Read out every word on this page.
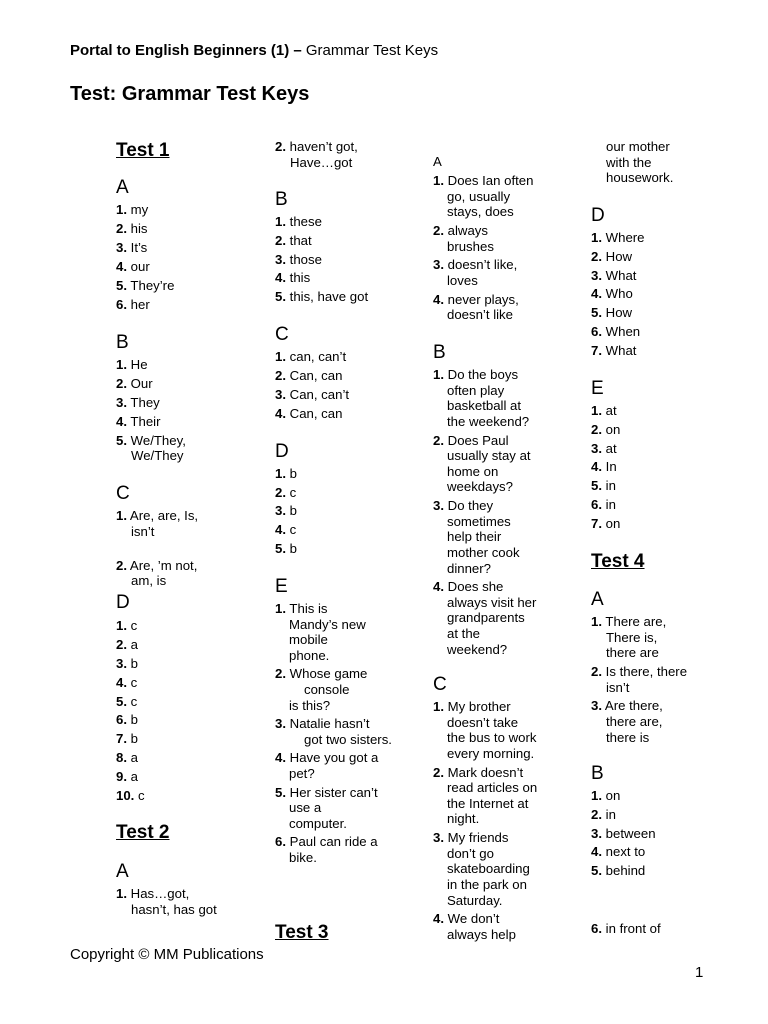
Portal to English Beginners (1) – Grammar Test Keys
Test: Grammar Test Keys
Test 1
A
1. my
2. his
3. It’s
4. our
5. They’re
6. her
B
1. He
2. Our
3. They
4. Their
5. We/They,
We/They
C
1. Are, are, Is,
isn’t
2. Are, ’m not,
am, is
D
1. c
2. a
3. b
4. c
5. c
6. b
7. b
8. a
9. a
10. c
Test 2
A
1. Has…got,
hasn’t, has got
2. haven’t got,
Have…got
B
1. these
2. that
3. those
4. this
5. this, have got
C
1. can, can’t
2. Can, can
3. Can, can’t
4. Can, can
D
1. b
2. c
3. b
4. c
5. b
E
1. This is
Mandy’s new
mobile
phone.
2. Whose game
console
is this?
3. Natalie hasn’t
got two sisters.
4. Have you got a
pet?
5. Her sister can’t
use a
computer.
6. Paul can ride a
bike.
Test 3
A
1. Does Ian often
go, usually
stays, does
2. always
brushes
3. doesn’t like,
loves
4. never plays,
doesn’t like
B
1. Do the boys
often play
basketball at
the weekend?
2. Does Paul
usually stay at
home on
weekdays?
3. Do they
sometimes
help their
mother cook
dinner?
4. Does she
always visit her
grandparents
at the
weekend?
C
1. My brother
doesn’t take
the bus to work
every morning.
2. Mark doesn’t
read articles on
the Internet at
night.
3. My friends
don’t go
skateboarding
in the park on
Saturday.
4. We don’t
always help
our mother
with the
housework.
D
1. Where
2. How
3. What
4. Who
5. How
6. When
7. What
E
1. at
2. on
3. at
4. In
5. in
6. in
7. on
Test 4
A
1. There are,
There is,
there are
2. Is there, there
isn’t
3. Are there,
there are,
there is
B
1. on
2. in
3. between
4. next to
5. behind
6. in front of
Copyright © MM Publications
1
